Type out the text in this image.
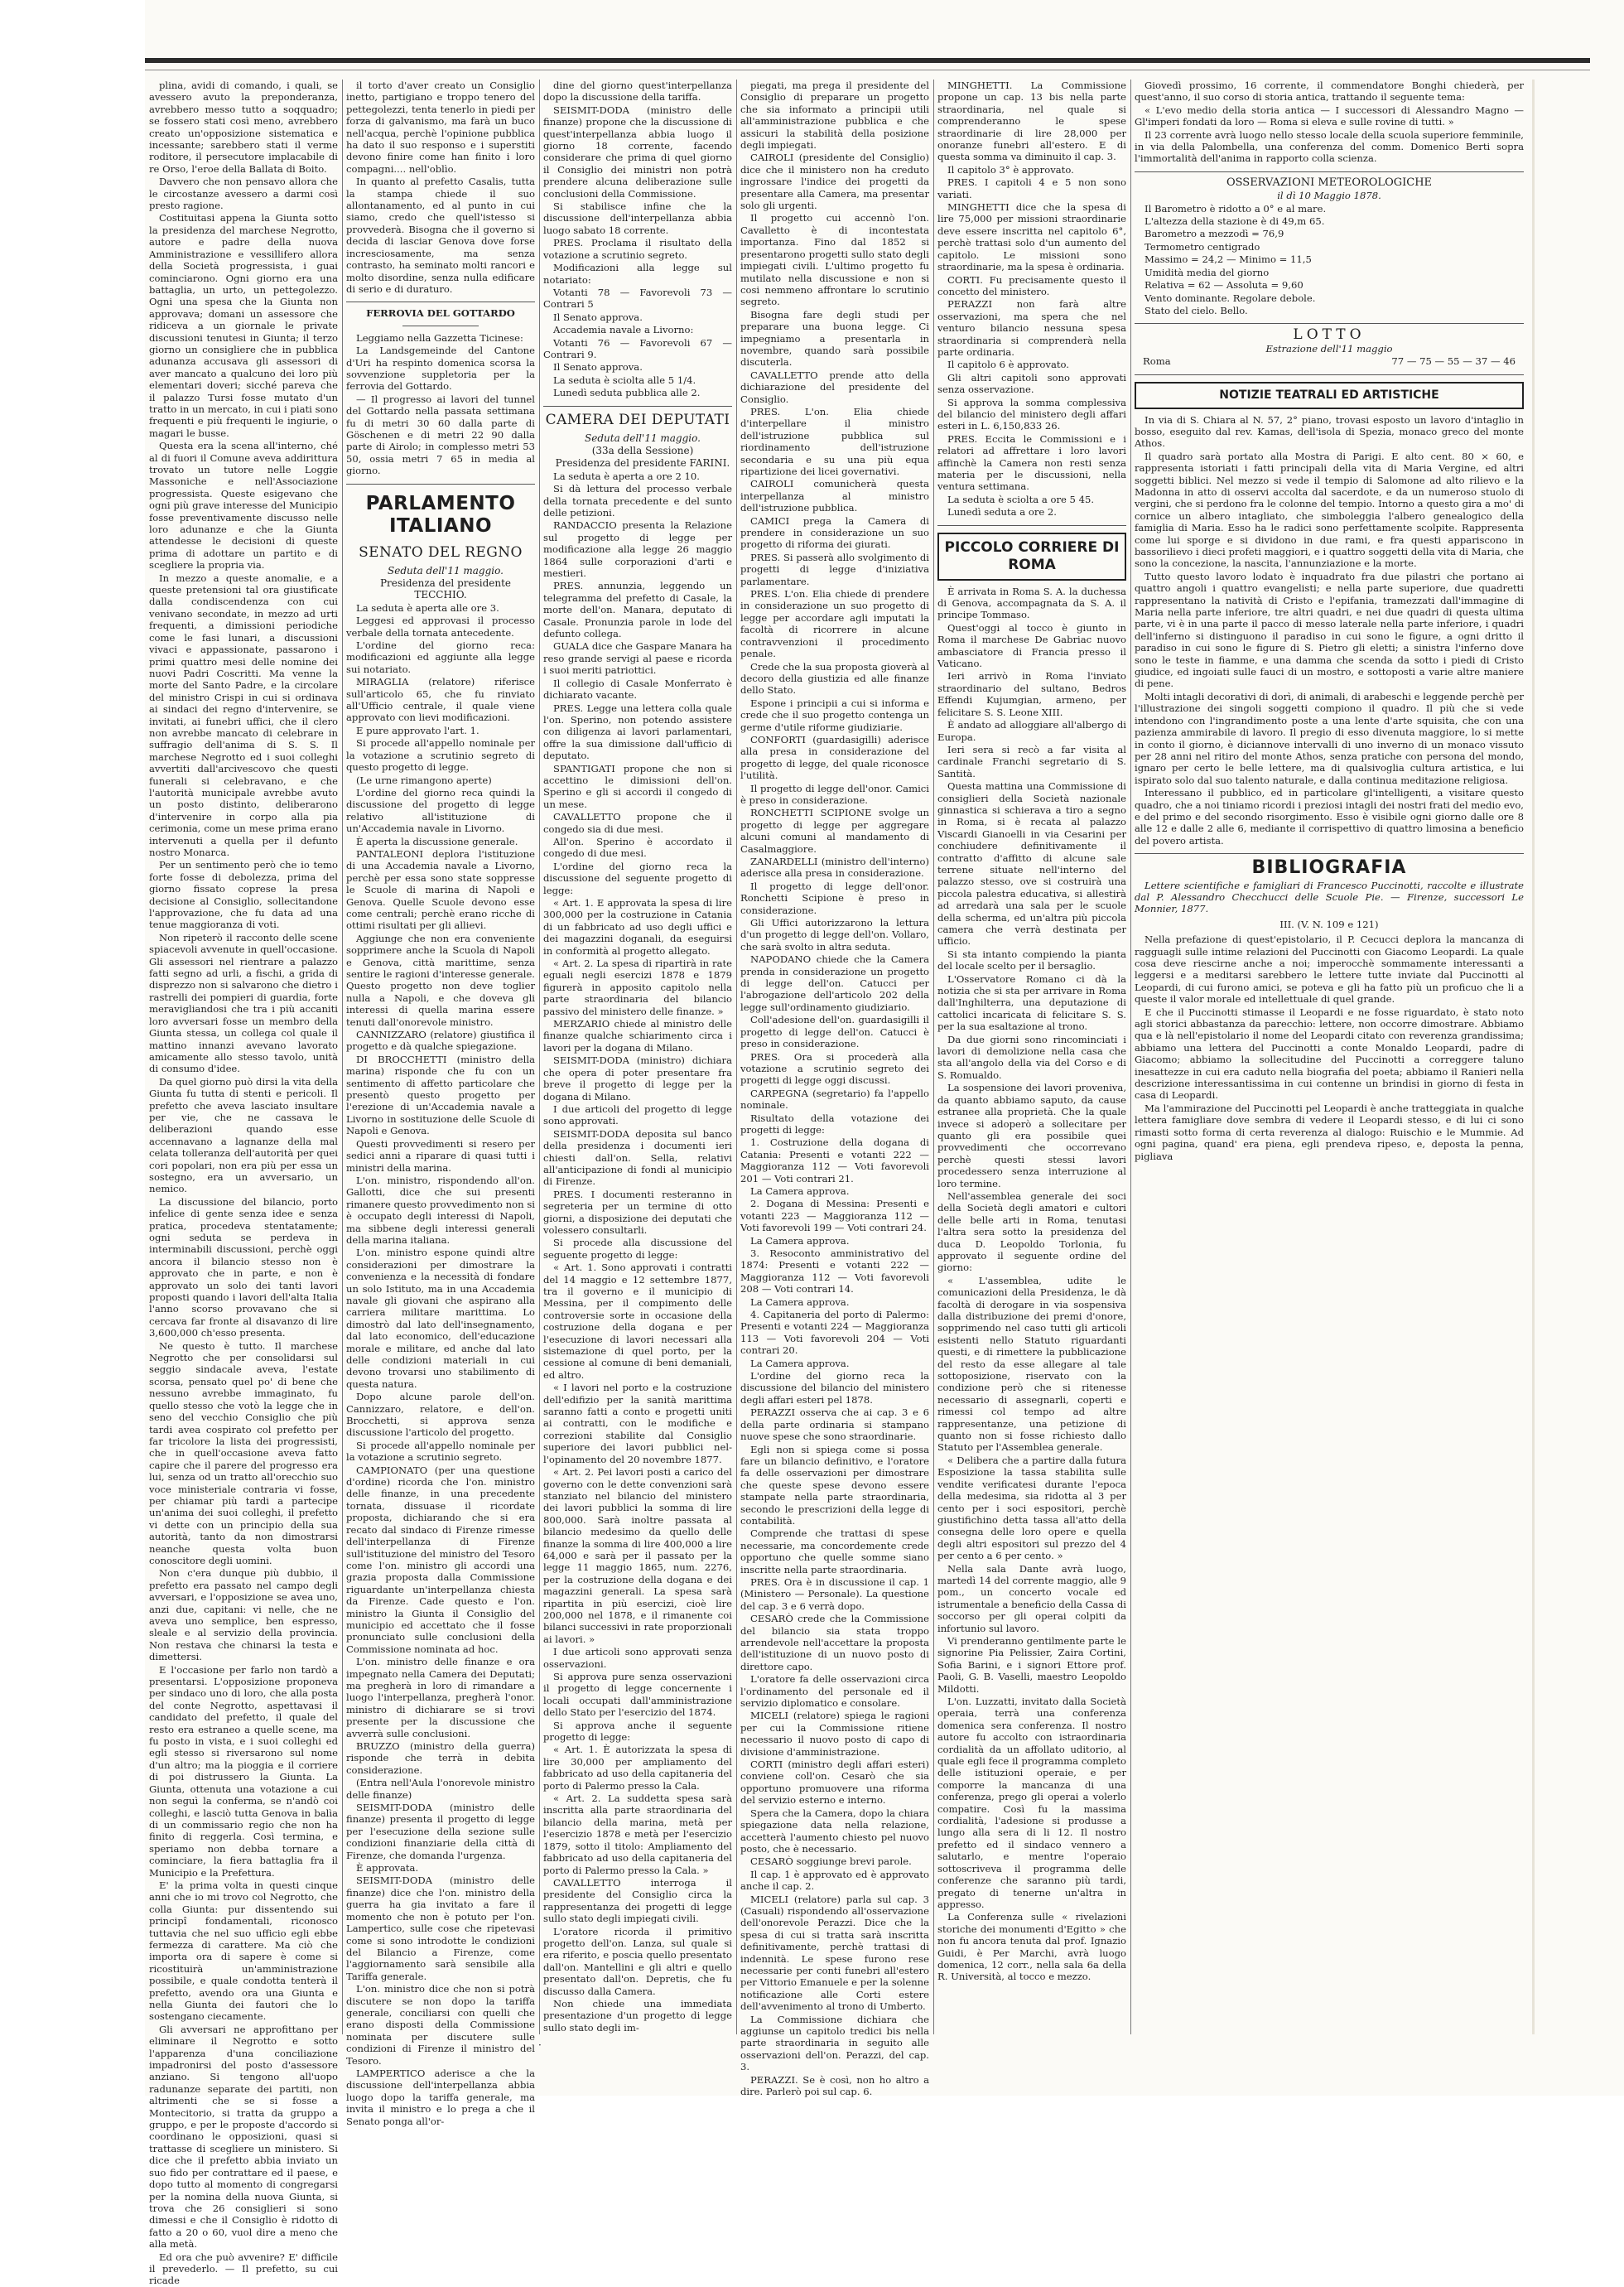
plina, avidi di comando, i quali, se avessero avuto la preponderanza, avrebbero messo tutto a soqquadro; se fossero stati così meno, avrebbero creato un'opposizione sistematica e incessante; sarebbero stati il verme roditore, il persecutore implacabile di re Orso, l'eroe della Ballata di Boito.

Davvero che non pensavo allora che le circostanze avessero a darmi così presto ragione.

Costituitasi appena la Giunta sotto la presidenza del marchese Negrotto, autore e padre della nuova Amministrazione e vessillifero allora della Società progressista, i guai cominciarono. Ogni giorno era una battaglia, un urto, un pettegolezzo. Ogni una spesa che la Giunta non approvava; domani un assessore che ridiceva a un giornale le private discussioni tenutesi in Giunta; il terzo giorno un consigliere che in pubblica adunanza accusava gli assessori di aver mancato a qualcuno dei loro più elementari doveri; sicché pareva che il palazzo Tursi fosse mutato d'un tratto in un mercato, in cui i piati sono frequenti e più frequenti le ingiurie, o magari le busse.

Questa era la scena all'interno, ché al di fuori il Comune aveva addirittura trovato un tutore nelle Loggie Massoniche e nell'Associazione progressista. Queste esigevano che ogni più grave interesse del Municipio fosse preventivamente discusso nelle loro adunanze e che la Giunta attendesse le decisioni di queste prima di adottare un partito e di scegliere la propria via.

In mezzo a queste anomalie, e a queste pretensioni tal ora giustificate dalla condiscendenza con cui venivano secondate, in mezzo ad urti frequenti, a dimissioni periodiche come le fasi lunari, a discussioni vivaci e appassionate, passarono i primi quattro mesi delle nomine dei nuovi Padri Coscritti. Ma venne la morte del Santo Padre, e la circolare del ministro Crispi in cui si ordinava ai sindaci dei regno d'intervenire, se invitati, ai funebri uffici, che il clero non avrebbe mancato di celebrare in suffragio dell'anima di S. S. Il marchese Negrotto ed i suoi colleghi avvertiti dall'arcivescovo che questi funerali si celebravano, e che l'autorità municipale avrebbe avuto un posto distinto, deliberarono d'intervenire in corpo alla pia cerimonia, come un mese prima erano intervenuti a quella per il defunto nostro Monarca.

Per un sentimento però che io temo forte fosse di debolezza, prima del giorno fissato coprese la presa decisione al Consiglio, sollecitandone l'approvazione, che fu data ad una tenue maggioranza di voti.

Non ripeterò il racconto delle scene spiacevoli avvenute in quell'occasione. Gli assessori nel rientrare a palazzo fatti segno ad urli, a fischi, a grida di disprezzo non si salvarono che dietro i rastrelli dei pompieri di guardia, forte meravigliandosi che tra i più accaniti loro avversari fosse un membro della Giunta stessa, un collega col quale il mattino innanzi avevano lavorato amicamente allo stesso tavolo, unità di consumo d'idee.

Da quel giorno può dirsi la vita della Giunta fu tutta di stenti e pericoli. Il prefetto che aveva lasciato insultare per vie, che ne cassava le deliberazioni quando esse accennavano a lagnanze della mal celata tolleranza dell'autorità per quei cori popolari, non era più per essa un sostegno, era un avversario, un nemico.

La discussione del bilancio, porto infelice di gente senza idee e senza pratica, procedeva stentatamente; ogni seduta se perdeva in interminabili discussioni, perchè oggi ancora il bilancio stesso non è approvato che in parte, e non è approvato un solo dei tanti lavori proposti quando i lavori dell'alta Italia l'anno scorso provavano che si cercava far fronte al disavanzo di lire 3,600,000 ch'esso presenta.

Ne questo è tutto. Il marchese Negrotto che per consolidarsi sul seggio sindacale aveva, l'estate scorsa, pensato quel po' di bene che nessuno avrebbe immaginato, fu quello stesso che votò la legge che in seno del vecchio Consiglio che più tardi avea cospirato col prefetto per far tricolore la lista dei progressisti, che in quell'occasione aveva fatto capire che il parere del progresso era lui, senza od un tratto all'orecchio suo voce ministeriale contraria vi fosse, per chiamar più tardi a partecipe un'anima dei suoi colleghi, il prefetto vi dette con un principio della sua autorità, tanto da non dimostrarsi neanche questa volta buon conoscitore degli uomini.

Non c'era dunque più dubbio, il prefetto era passato nel campo degli avversari, e l'opposizione se avea uno, anzi due, capitani: vi nelle, che ne aveva uno semplice, ben espresso, sleale e al servizio della provincia. Non restava che chinarsi la testa e dimettersi.

E l'occasione per farlo non tardò a presentarsi. L'opposizione proponeva per sindaco uno di loro, che alla posta del conte Negrotto, aspettavasi il candidato del prefetto, il quale del resto era estraneo a quelle scene, ma fu posto in vista, e i suoi colleghi ed egli stesso si riversarono sul nome d'un altro; ma la pioggia e il corriere di poi distrussero la Giunta. La Giunta, ottenuta una votazione a cui non seguì la conferma, se n'andò coi colleghi, e lasciò tutta Genova in balìa di un commissario regio che non ha finito di reggerla. Così termina, e speriamo non debba tornare a cominciare, la fiera battaglia fra il Municipio e la Prefettura.

E' la prima volta in questi cinque anni che io mi trovo col Negrotto, che colla Giunta: pur dissentendo sui principî fondamentali, riconosco tuttavia che nel suo ufficio egli ebbe fermezza di carattere. Ma ciò che importa ora di sapere è come si ricostituirà un'amministrazione possibile, e quale condotta tenterà il prefetto, avendo ora una Giunta e nella Giunta dei fautori che lo sostengano ciecamente.

Gli avversari ne approfittano per eliminare il Negrotto e sotto l'apparenza d'una conciliazione impadronirsi del posto d'assessore anziano. Si tengono all'uopo radunanze separate dei partiti, non altrimenti che se si fosse a Montecitorio, si tratta da gruppo a gruppo, e per le proposte d'accordo si coordinano le opposizioni, quasi si trattasse di scegliere un ministero. Si dice che il prefetto abbia inviato un suo fido per contrattare ed il paese, e dopo tutto al momento di congregarsi per la nomina della nuova Giunta, si trova che 26 consiglieri si sono dimessi e che il Consiglio è ridotto di fatto a 20 o 60, vuol dire a meno che alla metà.

Ed ora che può avvenire? E' difficile il prevederlo. — Il prefetto, su cui ricade

il torto d'aver creato un Consiglio inetto, partigiano e troppo tenero del pettegolezzi, tenta tenerlo in piedi per forza di galvanismo, ma farà un buco nell'acqua, perchè l'opinione pubblica ha dato il suo responso e i superstiti devono finire come han finito i loro compagni.... nell'oblìo.

In quanto al prefetto Casalis, tutta la stampa chiede il suo allontanamento, ed al punto in cui siamo, credo che quell'istesso si provvederà. Bisogna che il governo si decida di lasciar Genova dove forse incresciosamente, ma senza contrasto, ha seminato molti rancori e molto disordine, senza nulla edificare di serio e di duraturo.

FERROVIA DEL GOTTARDO

Leggiamo nella Gazzetta Ticinese:

La Landsgemeinde del Cantone d'Uri ha respinto domenica scorsa la sovvenzione suppletoria per la ferrovia del Gottardo.

— Il progresso ai lavori del tunnel del Gottardo nella passata settimana fu di metri 30 60 dalla parte di Göschenen e di metri 22 90 dalla parte di Airolo; in complesso metri 53 50, ossia metri 7 65 in media al giorno.

PARLAMENTO ITALIANO
SENATO DEL REGNO

Seduta dell'11 maggio.

Presidenza del presidente TECCHIO.

La seduta è aperta alle ore 3.

Leggesi ed approvasi il processo verbale della tornata antecedente.

L'ordine del giorno reca: modificazioni ed aggiunte alla legge sui notariato.

MIRAGLIA (relatore) riferisce sull'articolo 65, che fu rinviato all'Ufficio centrale, il quale viene approvato con lievi modificazioni.

E pure approvato l'art. 1.

Si procede all'appello nominale per la votazione a scrutinio segreto di questo progetto di legge.

(Le urne rimangono aperte)

L'ordine del giorno reca quindi la discussione del progetto di legge relativo all'istituzione di un'Accademia navale in Livorno.

È aperta la discussione generale.

PANTALEONI deplora l'istituzione di una Accademia navale a Livorno, perchè per essa sono state soppresse le Scuole di marina di Napoli e Genova. Quelle Scuole devono esse come centrali; perchè erano ricche di ottimi risultati per gli allievi.

Aggiunge che non era conveniente sopprimere anche la Scuola di Napoli e Genova, città marittime, senza sentire le ragioni d'interesse generale. Questo progetto non deve toglier nulla a Napoli, e che doveva gli interessi di quella marina essere tenuti dall'onorevole ministro.

CANNIZZARO (relatore) giustifica il progetto e dà qualche spiegazione.

DI BROCCHETTI (ministro della marina) risponde che fu con un sentimento di affetto particolare che presentò questo progetto per l'erezione di un'Accademia navale a Livorno in sostituzione delle Scuole di Napoli e Genova.

Questi provvedimenti si resero per sedici anni a riparare di quasi tutti i ministri della marina.

L'on. ministro, rispondendo all'on. Gallotti, dice che sui presenti rimanere questo provvedimento non si è occupato degli interessi di Napoli, ma sibbene degli interessi generali della marina italiana.

L'on. ministro espone quindi altre considerazioni per dimostrare la convenienza e la necessità di fondare un solo Istituto, ma in una Accademia navale gli giovani che aspirano alla carriera militare marittima. Lo dimostrò dal lato dell'insegnamento, dal lato economico, dell'educazione morale e militare, ed anche dal lato delle condizioni materiali in cui devono trovarsi uno stabilimento di questa natura.

Dopo alcune parole dell'on. Cannizzaro, relatore, e dell'on. Brocchetti, si approva senza discussione l'articolo del progetto.

Si procede all'appello nominale per la votazione a scrutinio segreto.

CAMPIONATO (per una questione d'ordine) ricorda che l'on. ministro delle finanze, in una precedente tornata, dissuase il ricordate proposta, dichiarando che si era recato dal sindaco di Firenze rimesse dell'interpellanza di Firenze sull'istituzione del ministro del Tesoro come l'on. ministro gli accordi una grazia proposta dalla Commissione riguardante un'interpellanza chiesta da Firenze. Cade questo e l'on. ministro la Giunta il Consiglio del municipio ed accettato che il fosse pronunciato sulle conclusioni della Commissione nominata ad hoc.

L'on. ministro delle finanze e ora impegnato nella Camera dei Deputati; ma pregherà in loro di rimandare a luogo l'interpellanza, pregherà l'onor. ministro di dichiarare se si trovi presente per la discussione che avverrà sulle conclusioni.

BRUZZO (ministro della guerra) risponde che terrà in debita considerazione.

(Entra nell'Aula l'onorevole ministro delle finanze)

SEISMIT-DODA (ministro delle finanze) presenta il progetto di legge per l'esecuzione della sezione sulle condizioni finanziarie della città di Firenze, che domanda l'urgenza.

È approvata.

SEISMIT-DODA (ministro delle finanze) dice che l'on. ministro della guerra ha gia invitato a fare il momento che non è potuto per l'on. Lampertico, sulle cose che ripetevasi come si sono introdotte le condizioni del Bilancio a Firenze, come l'aggiornamento sarà sensibile alla Tariffa generale.

L'on. ministro dice che non si potrà discutere se non dopo la tariffa generale, conciliarsi con quelli che erano disposti della Commissione nominata per discutere sulle condizioni di Firenze il ministro del Tesoro.

LAMPERTICO aderisce a che la discussione dell'interpellanza abbia luogo dopo la tariffa generale, ma invita il ministro e lo prega a che il Senato ponga all'or-

dine del giorno quest'interpellanza dopo la discussione della tariffa.

SEISMIT-DODA (ministro delle finanze) propone che la discussione di quest'interpellanza abbia luogo il giorno 18 corrente, facendo considerare che prima di quel giorno il Consiglio dei ministri non potrà prendere alcuna deliberazione sulle conclusioni della Commissione.

Si stabilisce infine che la discussione dell'interpellanza abbia luogo sabato 18 corrente.

PRES. Proclama il risultato della votazione a scrutinio segreto.

Modificazioni alla legge sul notariato:

Votanti 78 — Favorevoli 73 — Contrari 5

Il Senato approva.

Accademia navale a Livorno:

Votanti 76 — Favorevoli 67 — Contrari 9.

Il Senato approva.

La seduta è sciolta alle 5 1/4.

Lunedì seduta pubblica alle 2.

CAMERA DEI DEPUTATI

Seduta dell'11 maggio.

(33a della Sessione)

Presidenza del presidente FARINI.

La seduta è aperta a ore 2 10.

Si dà lettura del processo verbale della tornata precedente e del sunto delle petizioni.

RANDACCIO presenta la Relazione sul progetto di legge per modificazione alla legge 26 maggio 1864 sulle corporazioni d'arti e mestieri.

PRES. annunzia, leggendo un telegramma del prefetto di Casale, la morte dell'on. Manara, deputato di Casale. Pronunzia parole in lode del defunto collega.

GUALA dice che Gaspare Manara ha reso grande servigi al paese e ricorda i suoi meriti patriottici.

Il collegio di Casale Monferrato è dichiarato vacante.

PRES. Legge una lettera colla quale l'on. Sperino, non potendo assistere con diligenza ai lavori parlamentari, offre la sua dimissione dall'ufficio di deputato.

SPANTIGATI propone che non si accettino le dimissioni dell'on. Sperino e gli si accordi il congedo di un mese.

CAVALLETTO propone che il congedo sia di due mesi.

All'on. Sperino è accordato il congedo di due mesi.

L'ordine del giorno reca la discussione del seguente progetto di legge:

« Art. 1. E approvata la spesa di lire 300,000 per la costruzione in Catania di un fabbricato ad uso degli uffici e dei magazzini doganali, da eseguirsi in conformità al progetto allegato.

« Art. 2. La spesa di ripartirà in rate eguali negli esercizi 1878 e 1879 figurerà in apposito capitolo nella parte straordinaria del bilancio passivo del ministero delle finanze. »

MERZARIO chiede al ministro delle finanze qualche schiarimento circa i lavori per la dogana di Milano.

SEISMIT-DODA (ministro) dichiara che opera di poter presentare fra breve il progetto di legge per la dogana di Milano.

I due articoli del progetto di legge sono approvati.

SEISMIT-DODA deposita sul banco della presidenza i documenti ieri chiesti dall'on. Sella, relativi all'anticipazione di fondi al municipio di Firenze.

PRES. I documenti resteranno in segreteria per un termine di otto giorni, a disposizione dei deputati che volessero consultarli.

Si procede alla discussione del seguente progetto di legge:

« Art. 1. Sono approvati i contratti del 14 maggio e 12 settembre 1877, tra il governo e il municipio di Messina, per il compimento delle controversie sorte in occasione della costruzione della dogana e per l'esecuzione di lavori necessari alla sistemazione di quel porto, per la cessione al comune di beni demaniali, ed altro.

« I lavori nel porto e la costruzione dell'edifizio per la sanità marittima saranno fatti a conto e progetti uniti ai contratti, con le modifiche e correzioni stabilite dal Consiglio superiore dei lavori pubblici nel-l'opinamento del 20 novembre 1877.

« Art. 2. Pei lavori posti a carico del governo con le dette convenzioni sarà stanziato nel bilancio del ministero dei lavori pubblici la somma di lire 800,000. Sarà inoltre passata al bilancio medesimo da quello delle finanze la somma di lire 400,000 a lire 64,000 e sarà per il passato per la legge 11 maggio 1865, num. 2276, per la costruzione della dogana e dei magazzini generali. La spesa sarà ripartita in più esercizi, cioè lire 200,000 nel 1878, e il rimanente coi bilanci successivi in rate proporzionali ai lavori. »

I due articoli sono approvati senza osservazioni.

Si approva pure senza osservazioni il progetto di legge concernente i locali occupati dall'amministrazione dello Stato per l'esercizio del 1874.

Si approva anche il seguente progetto di legge:

« Art. 1. È autorizzata la spesa di lire 30,000 per ampliamento del fabbricato ad uso della capitaneria del porto di Palermo presso la Cala.

« Art. 2. La suddetta spesa sarà inscritta alla parte straordinaria del bilancio della marina, metà per l'esercizio 1878 e metà per l'esercizio 1879, sotto il titolo: Ampliamento del fabbricato ad uso della capitaneria del porto di Palermo presso la Cala. »

CAVALLETTO interroga il presidente del Consiglio circa la rappresentanza dei progetti di legge sullo stato degli impiegati civili.

L'oratore ricorda il primitivo progetto dell'on. Lanza, sul quale si era riferito, e poscia quello presentato dall'on. Mantellini e gli altri e quello presentato dall'on. Depretis, che fu discusso dalla Camera.

Non chiede una immediata presentazione d'un progetto di legge sullo stato degli im-

piegati, ma prega il presidente del Consiglio di preparare un progetto che sia informato a principii utili all'amministrazione pubblica e che assicuri la stabilità della posizione degli impiegati.

CAIROLI (presidente del Consiglio) dice che il ministero non ha creduto ingrossare l'indice dei progetti da presentare alla Camera, ma presentar solo gli urgenti.

Il progetto cui accennò l'on. Cavalletto è di incontestata importanza. Fino dal 1852 si presentarono progetti sullo stato degli impiegati civili. L'ultimo progetto fu mutilato nella discussione e non si cosi nemmeno affrontare lo scrutinio segreto.

Bisogna fare degli studi per preparare una buona legge. Ci impegniamo a presentarla in novembre, quando sarà possibile discuterla.

CAVALLETTO prende atto della dichiarazione del presidente del Consiglio.

PRES. L'on. Elia chiede d'interpellare il ministro dell'istruzione pubblica sul riordinamento dell'istruzione secondaria e su una più equa ripartizione dei licei governativi.

CAIROLI comunicherà questa interpellanza al ministro dell'istruzione pubblica.

CAMICI prega la Camera di prendere in considerazione un suo progetto di riforma dei giurati.

PRES. Si passerà allo svolgimento di progetti di legge d'iniziativa parlamentare.

PRES. L'on. Elia chiede di prendere in considerazione un suo progetto di legge per accordare agli imputati la facoltà di ricorrere in alcune contravvenzioni il procedimento penale.

Crede che la sua proposta gioverà al decoro della giustizia ed alle finanze dello Stato.

Espone i principii a cui si informa e crede che il suo progetto contenga un germe d'utile riforme giudiziarie.

CONFORTI (guardasigilli) aderisce alla presa in considerazione del progetto di legge, del quale riconosce l'utilità.

Il progetto di legge dell'onor. Camici è preso in considerazione.

RONCHETTI SCIPIONE svolge un progetto di legge per aggregare alcuni comuni al mandamento di Casalmaggiore.

ZANARDELLI (ministro dell'interno) aderisce alla presa in considerazione.

Il progetto di legge dell'onor. Ronchetti Scipione è preso in considerazione.

Gli Uffici autorizzarono la lettura d'un progetto di legge dell'on. Vollaro, che sarà svolto in altra seduta.

NAPODANO chiede che la Camera prenda in considerazione un progetto di legge dell'on. Catucci per l'abrogazione dell'articolo 202 della legge sull'ordinamento giudiziario.

Coll'adesione dell'on. guardasigilli il progetto di legge dell'on. Catucci è preso in considerazione.

PRES. Ora si procederà alla votazione a scrutinio segreto dei progetti di legge oggi discussi.

CARPEGNA (segretario) fa l'appello nominale.

Risultato della votazione dei progetti di legge:

1. Costruzione della dogana di Catania: Presenti e votanti 222 — Maggioranza 112 — Voti favorevoli 201 — Voti contrari 21.

La Camera approva.

2. Dogana di Messina: Presenti e votanti 223 — Maggioranza 112 — Voti favorevoli 199 — Voti contrari 24.

La Camera approva.

3. Resoconto amministrativo del 1874: Presenti e votanti 222 — Maggioranza 112 — Voti favorevoli 208 — Voti contrari 14.

La Camera approva.

4. Capitaneria del porto di Palermo: Presenti e votanti 224 — Maggioranza 113 — Voti favorevoli 204 — Voti contrari 20.

La Camera approva.

L'ordine del giorno reca la discussione del bilancio del ministero degli affari esteri pel 1878.

PERAZZI osserva che ai cap. 3 e 6 della parte ordinaria si stampano nuove spese che sono straordinarie.

Egli non si spiega come si possa fare un bilancio definitivo, e l'oratore fa delle osservazioni per dimostrare che queste spese devono essere stampate nella parte straordinaria, secondo le prescrizioni della legge di contabilità.

Comprende che trattasi di spese necessarie, ma concordemente crede opportuno che quelle somme siano inscritte nella parte straordinaria.

PRES. Ora è in discussione il cap. 1 (Ministero — Personale). La questione del cap. 3 e 6 verrà dopo.

CESARÒ crede che la Commissione del bilancio sia stata troppo arrendevole nell'accettare la proposta dell'istituzione di un nuovo posto di direttore capo.

L'oratore fa delle osservazioni circa l'ordinamento del personale ed il servizio diplomatico e consolare.

MICELI (relatore) spiega le ragioni per cui la Commissione ritiene necessario il nuovo posto di capo di divisione d'amministrazione.

CORTI (ministro degli affari esteri) conviene coll'on. Cesarò che sia opportuno promuovere una riforma del servizio esterno e interno.

Spera che la Camera, dopo la chiara spiegazione data nella relazione, accetterà l'aumento chiesto pel nuovo posto, che è necessario.

CESARÒ soggiunge brevi parole.

Il cap. 1 è approvato ed è approvato anche il cap. 2.

MICELI (relatore) parla sul cap. 3 (Casuali) rispondendo all'osservazione dell'onorevole Perazzi. Dice che la spesa di cui si tratta sarà inscritta definitivamente, perchè trattasi di indennità. Le spese furono rese necessarie per conti funebri all'estero per Vittorio Emanuele e per la solenne notificazione alle Corti estere dell'avvenimento al trono di Umberto.

La Commissione dichiara che aggiunse un capitolo tredici bis nella parte straordinaria in seguito alle osservazioni dell'on. Perazzi, del cap. 3.

PERAZZI. Se è così, non ho altro a dire. Parlerò poi sul cap. 6.

MINGHETTI. La Commissione propone un cap. 13 bis nella parte straordinaria, nel quale si comprenderanno le spese straordinarie di lire 28,000 per onoranze funebri all'estero. E di questa somma va diminuito il cap. 3.

Il capitolo 3° è approvato.

PRES. I capitoli 4 e 5 non sono variati.

MINGHETTI dice che la spesa di lire 75,000 per missioni straordinarie deve essere inscritta nel capitolo 6°, perchè trattasi solo d'un aumento del capitolo. Le missioni sono straordinarie, ma la spesa è ordinaria.

CORTI. Fu precisamente questo il concetto del ministero.

PERAZZI non farà altre osservazioni, ma spera che nel venturo bilancio nessuna spesa straordinaria si comprenderà nella parte ordinaria.

Il capitolo 6 è approvato.

Gli altri capitoli sono approvati senza osservazione.

Si approva la somma complessiva del bilancio del ministero degli affari esteri in L. 6,150,833 26.

PRES. Eccita le Commissioni e i relatori ad affrettare i loro lavori affinchè la Camera non resti senza materia per le discussioni, nella ventura settimana.

La seduta è sciolta a ore 5 45.

Lunedì seduta a ore 2.

PICCOLO CORRIERE DI ROMA

È arrivata in Roma S. A. la duchessa di Genova, accompagnata da S. A. il principe Tommaso.

Quest'oggi al tocco è giunto in Roma il marchese De Gabriac nuovo ambasciatore di Francia presso il Vaticano.

Ieri arrivò in Roma l'inviato straordinario del sultano, Bedros Effendi Kujumgian, armeno, per felicitare S. S. Leone XIII.

È andato ad alloggiare all'albergo di Europa.

Ieri sera si recò a far visita al cardinale Franchi segretario di S. Santità.

Questa mattina una Commissione di consiglieri della Società nazionale ginnastica si schierava a tiro a segno in Roma, si è recata al palazzo Viscardi Gianoelli in via Cesarini per conchiudere definitivamente il contratto d'affitto di alcune sale terrene situate nell'interno del palazzo stesso, ove si costruirà una piccola palestra educativa, si allestirà ad arredarà una sala per le scuole della scherma, ed un'altra più piccola camera che verrà destinata per ufficio.

Si sta intanto compiendo la pianta del locale scelto per il bersaglio.

L'Osservatore Romano ci dà la notizia che si sta per arrivare in Roma dall'Inghilterra, una deputazione di cattolici incaricata di felicitare S. S. per la sua esaltazione al trono.

Da due giorni sono rincominciati i lavori di demolizione nella casa che sta all'angolo della via del Corso e di S. Romualdo.

La sospensione dei lavori proveniva, da quanto abbiamo saputo, da cause estranee alla proprietà. Che la quale invece si adoperò a sollecitare per quanto gli era possibile quei provvedimenti che occorrevano perchè questi stessi lavori procedessero senza interruzione al loro termine.

Nell'assemblea generale dei soci della Società degli amatori e cultori delle belle arti in Roma, tenutasi l'altra sera sotto la presidenza del duca D. Leopoldo Torlonia, fu approvato il seguente ordine del giorno:

« L'assemblea, udite le comunicazioni della Presidenza, le dà facoltà di derogare in via sospensiva dalla distribuzione dei premi d'onore, sopprimendo nel caso tutti gli articoli esistenti nello Statuto riguardanti questi, e di rimettere la pubblicazione del resto da esse allegare al tale sottoposizione, riservato con la condizione però che si ritenesse necessario di assegnarli, coperti e rimessi col tempo ad altre rappresentanze, una petizione di quanto non si fosse richiesto dallo Statuto per l'Assemblea generale.

« Delibera che a partire dalla futura Esposizione la tassa stabilita sulle vendite verificatesi durante l'epoca della medesima, sia ridotta al 3 per cento per i soci espositori, perchè giustifichino detta tassa all'atto della consegna delle loro opere e quella degli altri espositori sul prezzo del 4 per cento a 6 per cento. »

Nella sala Dante avrà luogo, martedì 14 del corrente maggio, alle 9 pom., un concerto vocale ed istrumentale a beneficio della Cassa di soccorso per gli operai colpiti da infortunio sul lavoro.

Vi prenderanno gentilmente parte le signorine Pia Pelissier, Zaira Cortini, Sofia Barini, e i signori Ettore prof. Paoli, G. B. Vaselli, maestro Leopoldo Mildotti.

L'on. Luzzatti, invitato dalla Società operaia, terrà una conferenza domenica sera conferenza. Il nostro autore fu accolto con istraordinaria cordialità da un affollato uditorio, al quale egli fece il programma completo delle istituzioni operaie, e per comporre la mancanza di una conferenza, prego gli operai a volerlo compatire. Così fu la massima cordialità, l'adesione si produsse a lungo alla sera di li 12. Il nostro prefetto ed il sindaco vennero a salutarlo, e mentre l'operaio sottoscriveva il programma delle conferenze che saranno più tardi, pregato di tenerne un'altra in appresso.

La Conferenza sulle « rivelazioni storiche dei monumenti d'Egitto » che non fu ancora tenuta dal prof. Ignazio Guidi, è Per Marchi, avrà luogo domenica, 12 corr., nella sala 6a della R. Università, al tocco e mezzo.

Giovedì prossimo, 16 corrente, il commendatore Bonghi chiederà, per quest'anno, il suo corso di storia antica, trattando il seguente tema:

« L'evo medio della storia antica — I successori di Alessandro Magno — Gl'imperi fondati da loro — Roma si eleva e sulle rovine di tutti. »

Il 23 corrente avrà luogo nello stesso locale della scuola superiore femminile, in via della Palombella, una conferenza del comm. Domenico Berti sopra l'immortalità dell'anima in rapporto colla scienza.

OSSERVAZIONI METEOROLOGICHE

il dì 10 Maggio 1878.

Il Barometro è ridotto a 0° e al mare.

L'altezza della stazione è di 49,m 65.

Barometro a mezzodì = 76,9

Termometro centigrado

Massimo = 24,2 — Minimo = 11,5

Umidità media del giorno

Relativa = 62 — Assoluta = 9,60

Vento dominante. Regolare debole.

Stato del cielo. Bello.

LOTTO

Estrazione dell'11 maggio

Roma	77 — 75 — 55 — 37 — 46
NOTIZIE TEATRALI ED ARTISTICHE

In via di S. Chiara al N. 57, 2° piano, trovasi esposto un lavoro d'intaglio in bosso, eseguito dal rev. Kamas, dell'isola di Spezia, monaco greco del monte Athos.

Il quadro sarà portato alla Mostra di Parigi. E alto cent. 80 × 60, e rappresenta istoriati i fatti principali della vita di Maria Vergine, ed altri soggetti biblici. Nel mezzo si vede il tempio di Salomone ad alto rilievo e la Madonna in atto di osservi accolta dal sacerdote, e da un numeroso stuolo di vergini, che si perdono fra le colonne del tempio. Intorno a questo gira a mo' di cornice un albero intagliato, che simboleggia l'albero genealogico della famiglia di Maria. Esso ha le radici sono perfettamente scolpite. Rappresenta come lui sporge e si dividono in due rami, e fra questi appariscono in bassorilievo i dieci profeti maggiori, e i quattro soggetti della vita di Maria, che sono la concezione, la nascita, l'annunziazione e la morte.

Tutto questo lavoro lodato è inquadrato fra due pilastri che portano ai quattro angoli i quattro evangelisti; e nella parte superiore, due quadretti rappresentano la natività di Cristo e l'epifania, tramezzati dall'immagine di Maria nella parte inferiore, tre altri quadri, e nei due quadri di questa ultima parte, vi è in una parte il pacco di messo laterale nella parte inferiore, i quadri dell'inferno si distinguono il paradiso in cui sono le figure, a ogni dritto il paradiso in cui sono le figure di S. Pietro gli eletti; a sinistra l'inferno dove sono le teste in fiamme, e una damma che scenda da sotto i piedi di Cristo giudice, ed ingoiati sulle fauci di un mostro, e sottoposti a varie altre maniere di pene.

Molti intagli decorativi di dorì, di animali, di arabeschi e leggende perchè per l'illustrazione dei singoli soggetti compiono il quadro. Il più che si vede intendono con l'ingrandimento poste a una lente d'arte squisita, che con una pazienza ammirabile di lavoro. Il pregio di esso divenuta maggiore, lo si mette in conto il giorno, è diciannove intervalli di uno inverno di un monaco vissuto per 28 anni nel ritiro del monte Athos, senza pratiche con persona del mondo, ignaro per certo le belle lettere, ma di qualsivoglia cultura artistica, e lui ispirato solo dal suo talento naturale, e dalla continua meditazione religiosa.

Interessano il pubblico, ed in particolare gl'intelligenti, a visitare questo quadro, che a noi tiniamo ricordi i preziosi intagli dei nostri frati del medio evo, e del primo e del secondo risorgimento. Esso è visibile ogni giorno dalle ore 8 alle 12 e dalle 2 alle 6, mediante il corrispettivo di quattro limosina a beneficio del povero artista.

BIBLIOGRAFIA

Lettere scientifiche e famigliari di Francesco Puccinotti, raccolte e illustrate dal P. Alessandro Checchucci delle Scuole Pie. — Firenze, successori Le Monnier, 1877.

III. (V. N. 109 e 121)

Nella prefazione di quest'epistolario, il P. Cecucci deplora la mancanza di ragguagli sulle intime relazioni del Puccinotti con Giacomo Leopardi. La quale cosa deve riescirne anche a noi; imperocchè sommamente interessanti a leggersi e a meditarsi sarebbero le lettere tutte inviate dal Puccinotti al Leopardi, di cui furono amici, se poteva e gli ha fatto più un proficuo che li a queste il valor morale ed intellettuale di quel grande.

E che il Puccinotti stimasse il Leopardi e ne fosse riguardato, è stato noto agli storici abbastanza da parecchio: lettere, non occorre dimostrare. Abbiamo qua e là nell'epistolario il nome del Leopardi citato con reverenza grandissima; abbiamo una lettera del Puccinotti a conte Monaldo Leopardi, padre di Giacomo; abbiamo la sollecitudine del Puccinotti a correggere taluno inesattezze in cui era caduto nella biografia del poeta; abbiamo il Ranieri nella descrizione interessantissima in cui contenne un brindisi in giorno di festa in casa di Leopardi.

Ma l'ammirazione del Puccinotti pel Leopardi è anche tratteggiata in qualche lettera famigliare dove sembra di vedere il Leopardi stesso, e di lui ci sono rimasti sotto forma di certa reverenza al dialogo: Ruischio e le Mummie. Ad ogni pagina, quand' era piena, egli prendeva ripeso, e, deposta la penna, pigliava

·
